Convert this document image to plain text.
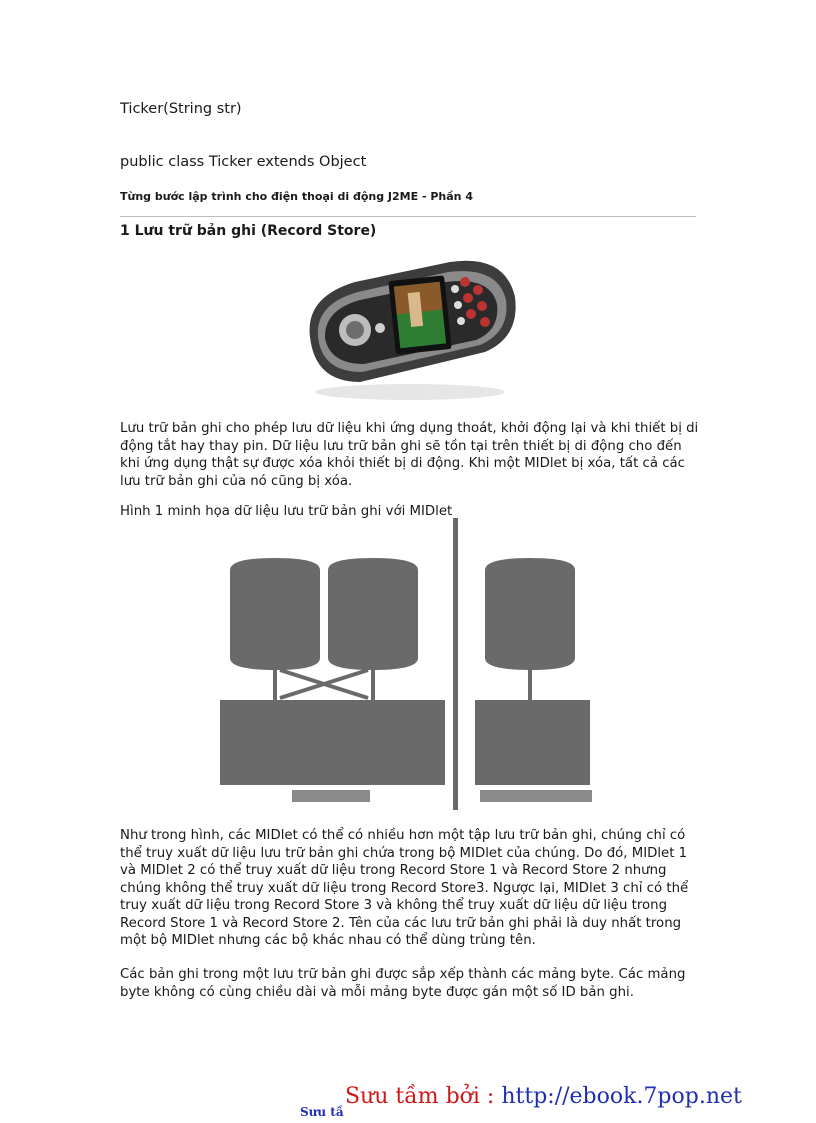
Ticker(String str)
public class Ticker extends Object
Từng bước lập trình cho điện thoại di động J2ME - Phần 4
1 Lưu trữ bản ghi (Record Store)
Lưu trữ bản ghi cho phép lưu dữ liệu khi ứng dụng thoát, khởi động lại và khi thiết bị di động tắt hay thay pin. Dữ liệu lưu trữ bản ghi sẽ tồn tại trên thiết bị di động cho đến khi ứng dụng thật sự được xóa khỏi thiết bị di động. Khi một MIDlet bị xóa, tất cả các lưu trữ bản ghi của nó cũng bị xóa.
Hình 1 minh họa dữ liệu lưu trữ bản ghi với MIDlet
Như trong hình, các MIDlet có thể có nhiều hơn một tập lưu trữ bản ghi, chúng chỉ có thể truy xuất dữ liệu lưu trữ bản ghi chứa trong bộ MIDlet của chúng. Do đó, MIDlet 1 và MIDlet 2 có thể truy xuất dữ liệu trong Record Store 1 và Record Store 2 nhưng chúng không thể truy xuất dữ liệu trong Record Store3. Ngược lại, MIDlet 3 chỉ có thể truy xuất dữ liệu trong Record Store 3 và không thể truy xuất dữ liệu dữ liệu trong Record Store 1 và Record Store 2. Tên của các lưu trữ bản ghi phải là duy nhất trong một bộ MIDlet nhưng các bộ khác nhau có thể dùng trùng tên.
Các bản ghi trong một lưu trữ bản ghi được sắp xếp thành các mảng byte. Các mảng byte không có cùng chiều dài và mỗi mảng byte được gán một số ID bản ghi.
Sưu tầ
Sưu tầm bởi : http://ebook.7pop.net
